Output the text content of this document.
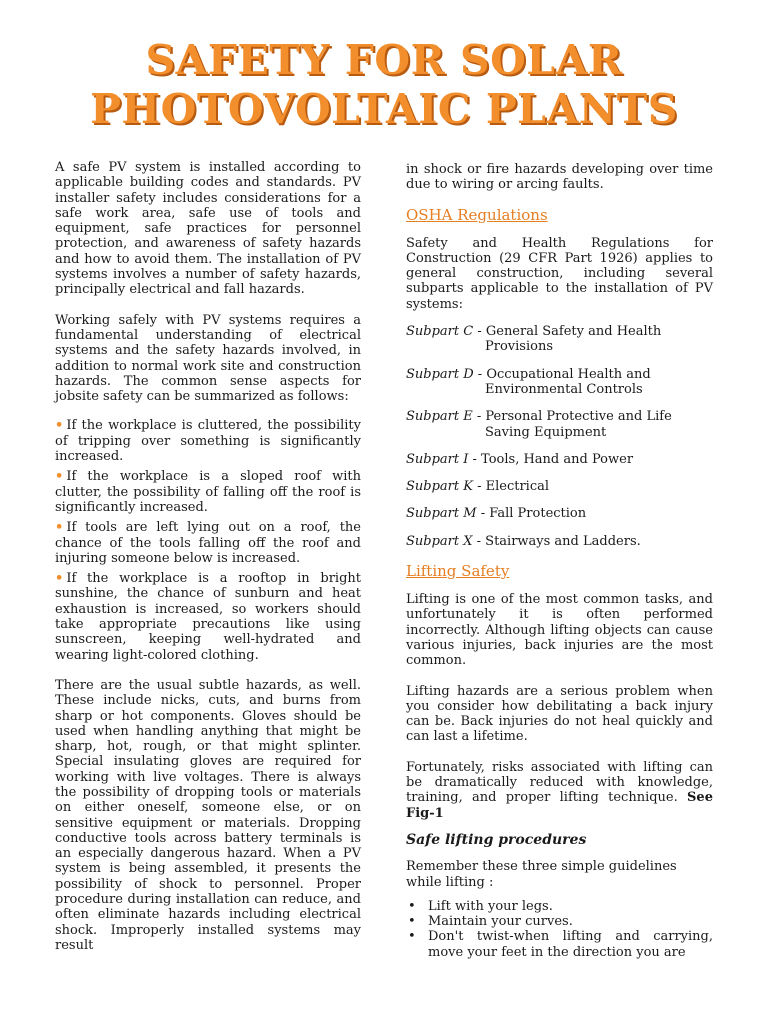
SAFETY FOR SOLAR
PHOTOVOLTAIC PLANTS

A safe PV system is installed according to applicable building codes and standards. PV installer safety includes considerations for a safe work area, safe use of tools and equipment, safe practices for personnel protection, and awareness of safety hazards and how to avoid them. The installation of PV systems involves a number of safety hazards, principally electrical and fall hazards.

Working safely with PV systems requires a fundamental understanding of electrical systems and the safety hazards involved, in addition to normal work site and construction hazards. The common sense aspects for jobsite safety can be summarized as follows:

• If the workplace is cluttered, the possibility of tripping over something is significantly increased.

• If the workplace is a sloped roof with clutter, the possibility of falling off the roof is significantly increased.

• If tools are left lying out on a roof, the chance of the tools falling off the roof and injuring someone below is increased.

• If the workplace is a rooftop in bright sunshine, the chance of sunburn and heat exhaustion is increased, so workers should take appropriate precautions like using sunscreen, keeping well-hydrated and wearing light-colored clothing.

There are the usual subtle hazards, as well. These include nicks, cuts, and burns from sharp or hot components. Gloves should be used when handling anything that might be sharp, hot, rough, or that might splinter. Special insulating gloves are required for working with live voltages. There is always the possibility of dropping tools or materials on either oneself, someone else, or on sensitive equipment or materials. Dropping conductive tools across battery terminals is an especially dangerous hazard. When a PV system is being assembled, it presents the possibility of shock to personnel. Proper procedure during installation can reduce, and often eliminate hazards including electrical shock. Improperly installed systems may result

in shock or fire hazards developing over time due to wiring or arcing faults.

OSHA Regulations

Safety and Health Regulations for Construction (29 CFR Part 1926) applies to general construction, including several subparts applicable to the installation of PV systems:

Subpart C - General Safety and Health
Provisions
Subpart D - Occupational Health and
Environmental Controls
Subpart E - Personal Protective and Life
Saving Equipment
Subpart I - Tools, Hand and Power
Subpart K - Electrical
Subpart M - Fall Protection
Subpart X - Stairways and Ladders.
Lifting Safety

Lifting is one of the most common tasks, and unfortunately it is often performed incorrectly. Although lifting objects can cause various injuries, back injuries are the most common.

Lifting hazards are a serious problem when you consider how debilitating a back injury can be. Back injuries do not heal quickly and can last a lifetime.

Fortunately, risks associated with lifting can be dramatically reduced with knowledge, training, and proper lifting technique. See Fig-1

Safe lifting procedures

Remember these three simple guidelines while lifting :

• Lift with your legs.
• Maintain your curves.
• Don't twist-when lifting and carrying, move your feet in the direction you are
